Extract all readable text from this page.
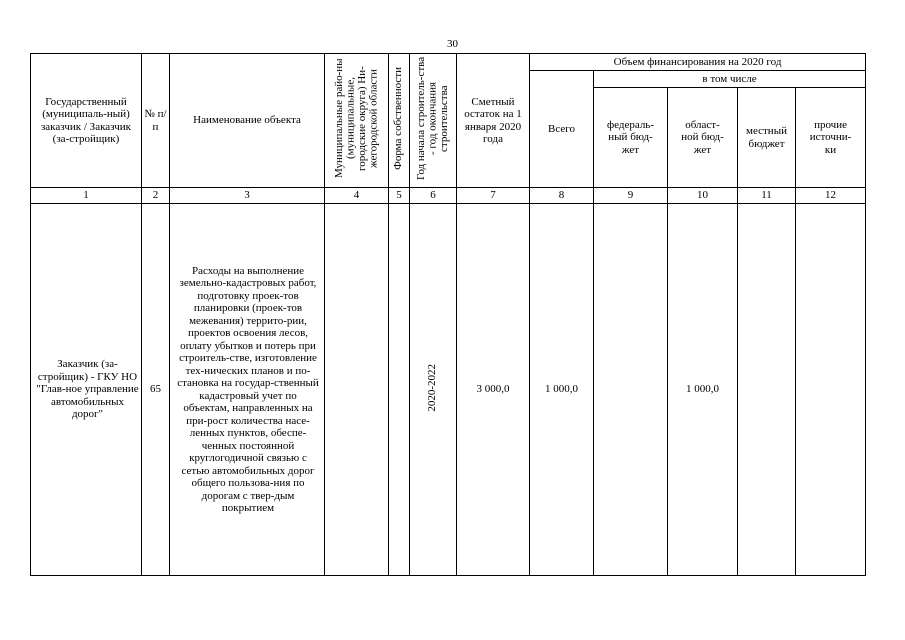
30
Государственный (муниципаль-ный) заказчик / Заказчик (за-стройщик)	№ п/ п	Наименование объекта	Муниципальные райо-ны (муниципальные, городские округа) Ни-жегородской области	Форма собственности	Год начала строитель-ства - год окончания строительства	Сметный остаток на 1 января 2020 года	Объем финансирования на 2020 год				
							Всего	в том числе			

								федераль-ный бюд-жет	област-ной бюд-жет	местный бюджет	прочие источни-ки

1	2	3	4	5	6	7	8	9	10	11	12
Заказчик (за-стройщик) - ГКУ НО "Глав-ное управление автомобильных дорог"	65	Расходы на выполнение земельно-кадастровых работ, подготовку проек-тов планировки (проек-тов межевания) террито-рии, проектов освоения лесов, оплату убытков и потерь при строитель-стве, изготовление тех-нических планов и по-становка на государ-ственный кадастровый учет по объектам, направленных на при-рост количества насе-ленных пунктов, обеспе-ченных постоянной круглогодичной связью с сетью автомобильных дорог общего пользова-ния по дорогам с твер-дым покрытием			2020-2022	3 000,0	1 000,0		1 000,0		
